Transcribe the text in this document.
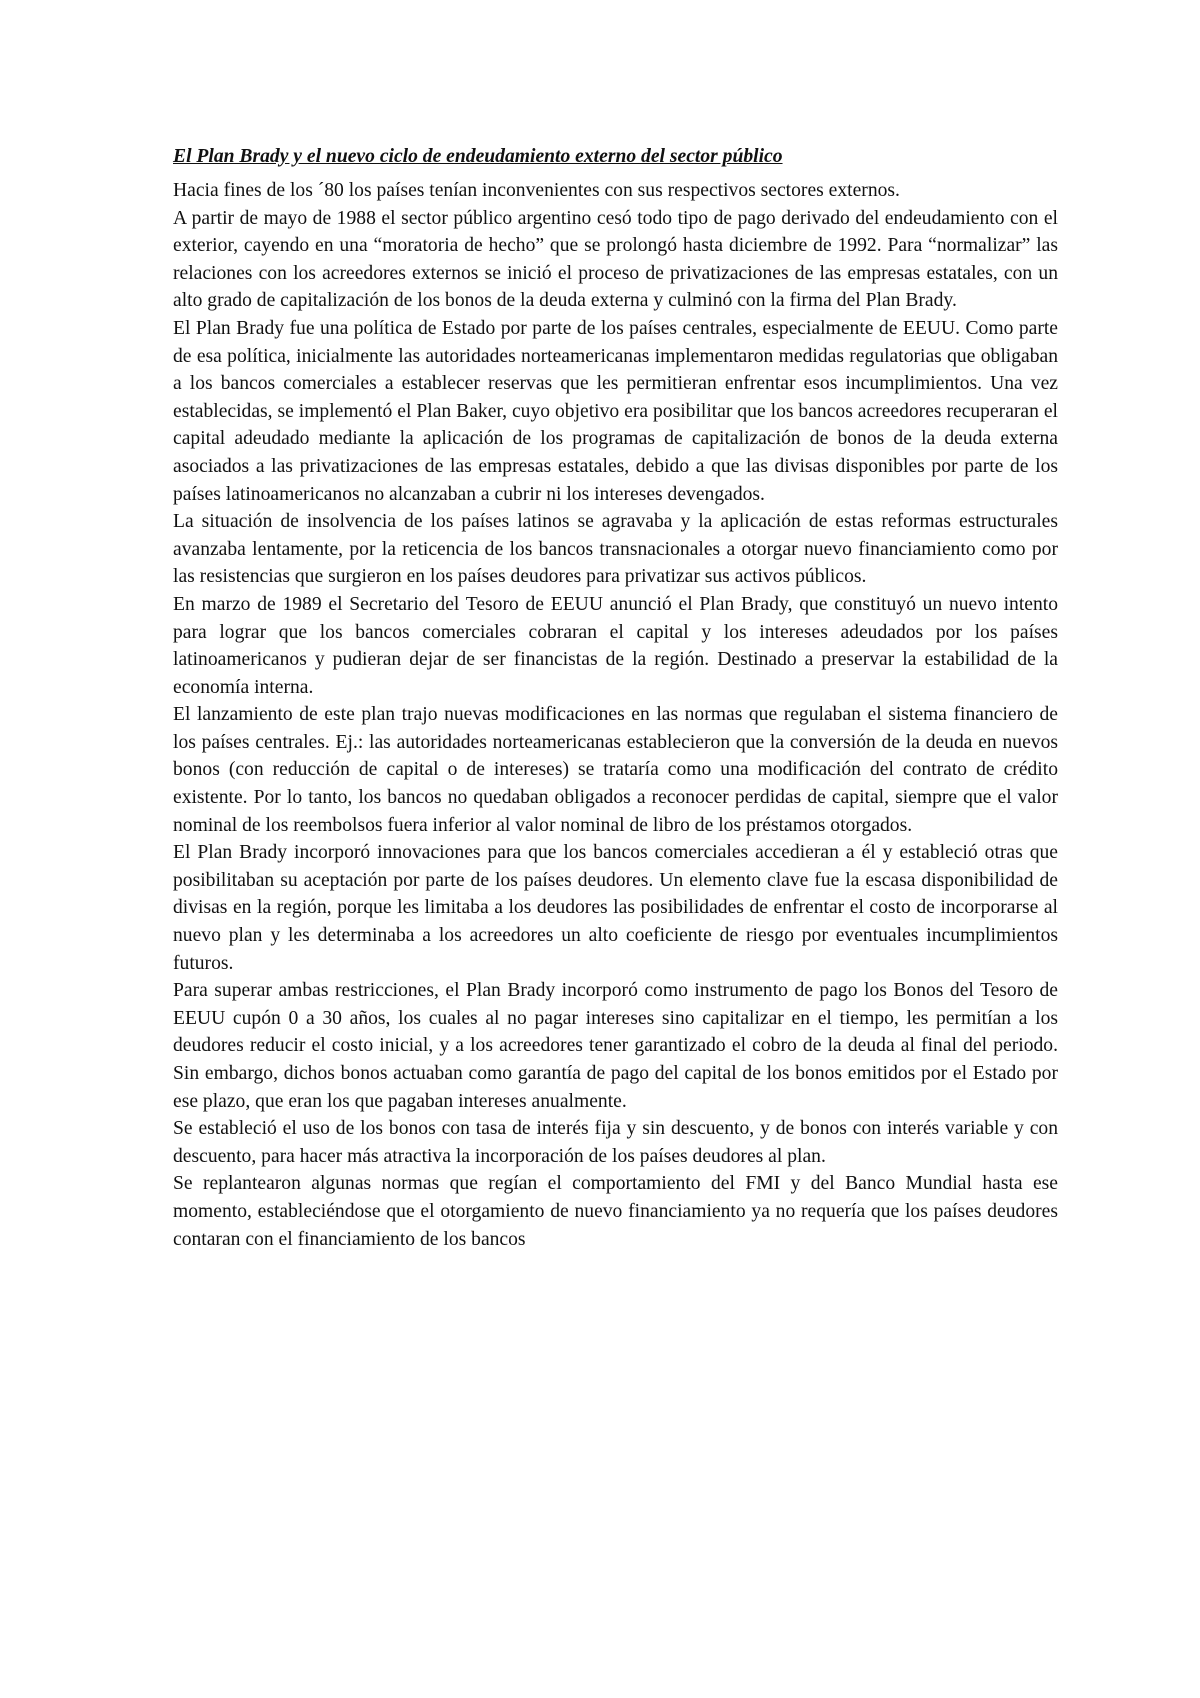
El Plan Brady y el nuevo ciclo de endeudamiento externo del sector público

Hacia fines de los ´80 los países tenían inconvenientes con sus respectivos sectores externos.

A partir de mayo de 1988 el sector público argentino cesó todo tipo de pago derivado del endeudamiento con el exterior, cayendo en una “moratoria de hecho” que se prolongó hasta diciembre de 1992. Para “normalizar” las relaciones con los acreedores externos se inició el proceso de privatizaciones de las empresas estatales, con un alto grado de capitalización de los bonos de la deuda externa y culminó con la firma del Plan Brady.

El Plan Brady fue una política de Estado por parte de los países centrales, especialmente de EEUU. Como parte de esa política, inicialmente las autoridades norteamericanas implementaron medidas regulatorias que obligaban a los bancos comerciales a establecer reservas que les permitieran enfrentar esos incumplimientos. Una vez establecidas, se implementó el Plan Baker, cuyo objetivo era posibilitar que los bancos acreedores recuperaran el capital adeudado mediante la aplicación de los programas de capitalización de bonos de la deuda externa asociados a las privatizaciones de las empresas estatales, debido a que las divisas disponibles por parte de los países latinoamericanos no alcanzaban a cubrir ni los intereses devengados.

La situación de insolvencia de los países latinos se agravaba y la aplicación de estas reformas estructurales avanzaba lentamente, por la reticencia de los bancos transnacionales a otorgar nuevo financiamiento como por las resistencias que surgieron en los países deudores para privatizar sus activos públicos.

En marzo de 1989 el Secretario del Tesoro de EEUU anunció el Plan Brady, que constituyó un nuevo intento para lograr que los bancos comerciales cobraran el capital y los intereses adeudados por los países latinoamericanos y pudieran dejar de ser financistas de la región. Destinado a preservar la estabilidad de la economía interna.

El lanzamiento de este plan trajo nuevas modificaciones en las normas que regulaban el sistema financiero de los países centrales. Ej.: las autoridades norteamericanas establecieron que la conversión de la deuda en nuevos bonos (con reducción de capital o de intereses) se trataría como una modificación del contrato de crédito existente. Por lo tanto, los bancos no quedaban obligados a reconocer perdidas de capital, siempre que el valor nominal de los reembolsos fuera inferior al valor nominal de libro de los préstamos otorgados.

El Plan Brady incorporó innovaciones para que los bancos comerciales accedieran a él y estableció otras que posibilitaban su aceptación por parte de los países deudores. Un elemento clave fue la escasa disponibilidad de divisas en la región, porque les limitaba a los deudores las posibilidades de enfrentar el costo de incorporarse al nuevo plan y les determinaba a los acreedores un alto coeficiente de riesgo por eventuales incumplimientos futuros.

Para superar ambas restricciones, el Plan Brady incorporó como instrumento de pago los Bonos del Tesoro de EEUU cupón 0 a 30 años, los cuales al no pagar intereses sino capitalizar en el tiempo, les permitían a los deudores reducir el costo inicial, y a los acreedores tener garantizado el cobro de la deuda al final del periodo. Sin embargo, dichos bonos actuaban como garantía de pago del capital de los bonos emitidos por el Estado por ese plazo, que eran los que pagaban intereses anualmente.

Se estableció el uso de los bonos con tasa de interés fija y sin descuento, y de bonos con interés variable y con descuento, para hacer más atractiva la incorporación de los países deudores al plan.

Se replantearon algunas normas que regían el comportamiento del FMI y del Banco Mundial hasta ese momento, estableciéndose que el otorgamiento de nuevo financiamiento ya no requería que los países deudores contaran con el financiamiento de los bancos
